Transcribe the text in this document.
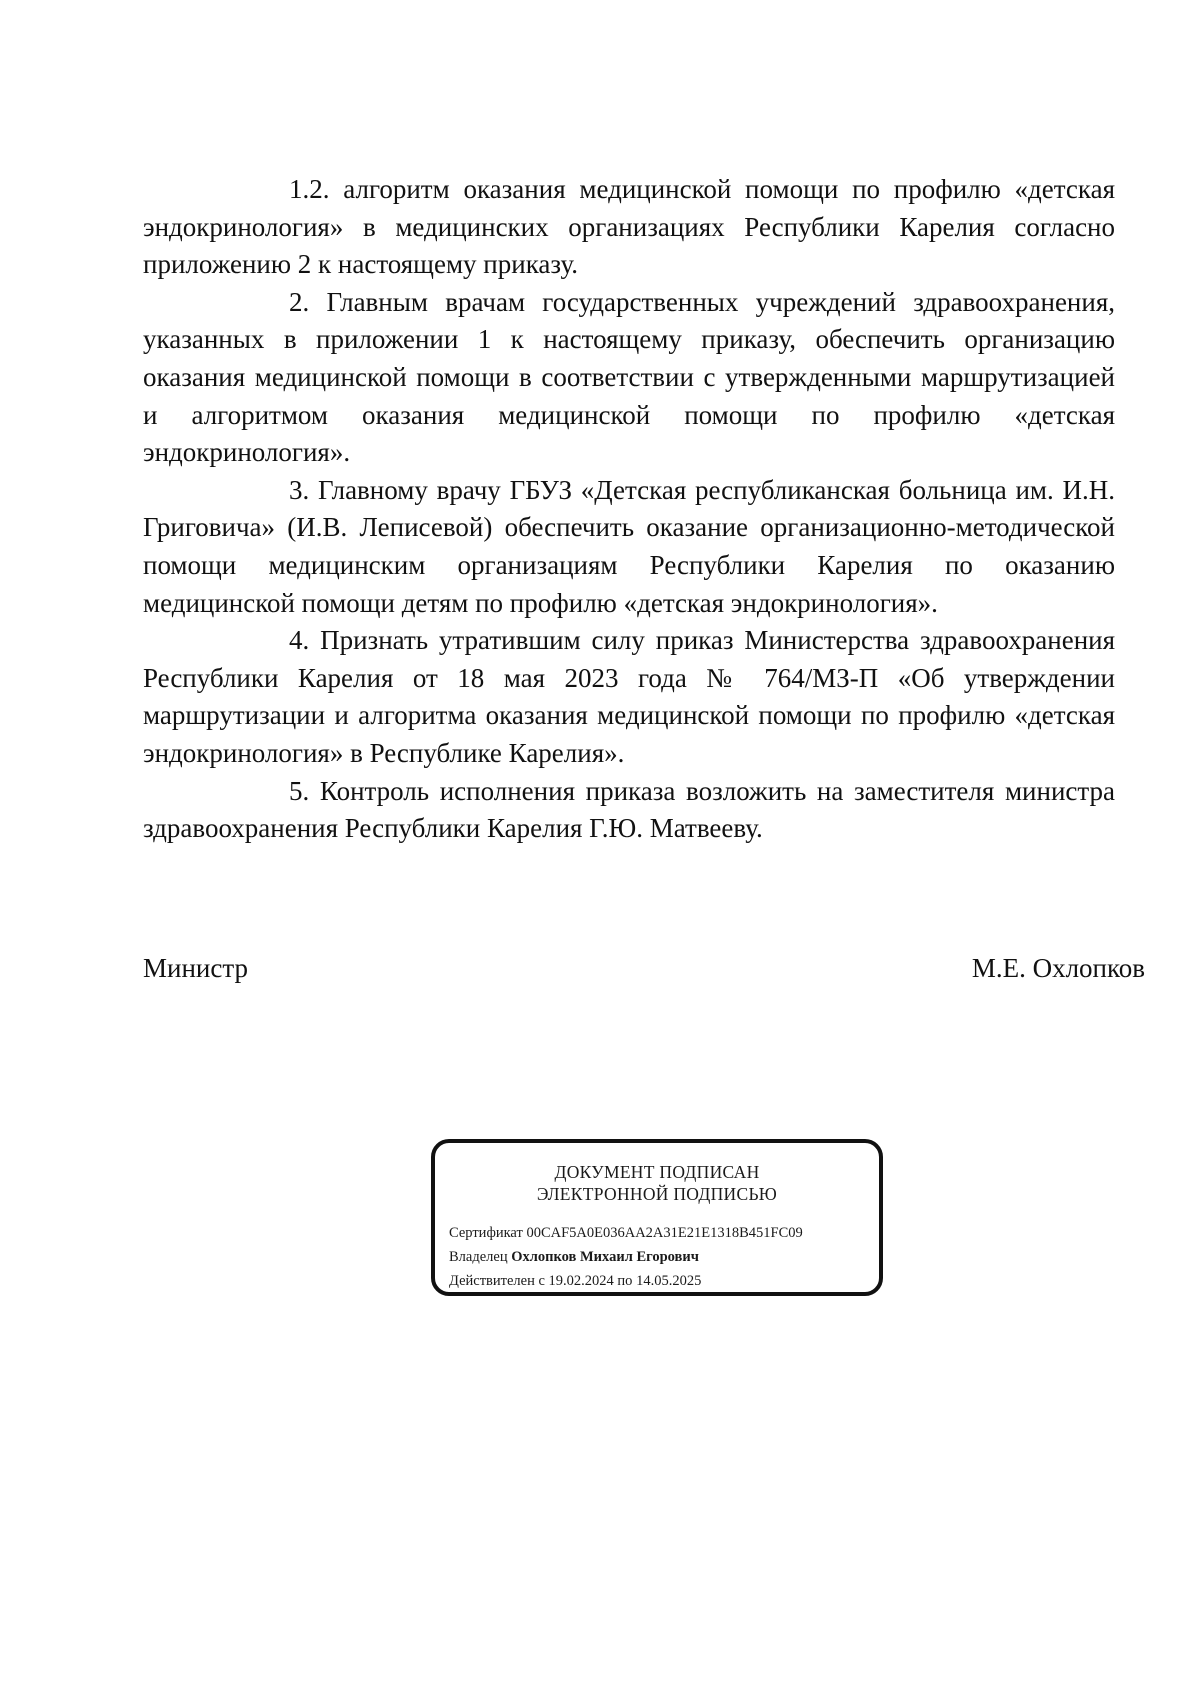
1.2. алгоритм оказания медицинской помощи по профилю «детская эндокринология» в медицинских организациях Республики Карелия согласно приложению 2 к настоящему приказу.

2. Главным врачам государственных учреждений здравоохранения, указанных в приложении 1 к настоящему приказу, обеспечить организацию оказания медицинской помощи в соответствии с утвержденными маршрутизацией и алгоритмом оказания медицинской помощи по профилю «детская эндокринология».

3. Главному врачу ГБУЗ «Детская республиканская больница им. И.Н. Григовича» (И.В. Леписевой) обеспечить оказание организационно-методической помощи медицинским организациям Республики Карелия по оказанию медицинской помощи детям по профилю «детская эндокринология».

4. Признать утратившим силу приказ Министерства здравоохранения Республики Карелия от 18 мая 2023 года № 764/МЗ-П «Об утверждении маршрутизации и алгоритма оказания медицинской помощи по профилю «детская эндокринология» в Республике Карелия».

5. Контроль исполнения приказа возложить на заместителя министра здравоохранения Республики Карелия Г.Ю. Матвееву.

Министр	М.Е. Охлопков
ДОКУМЕНТ ПОДПИСАН
ЭЛЕКТРОННОЙ ПОДПИСЬЮ
Сертификат 00CAF5A0E036AA2A31E21E1318B451FC09
Владелец Охлопков Михаил Егорович
Действителен с 19.02.2024 по 14.05.2025
